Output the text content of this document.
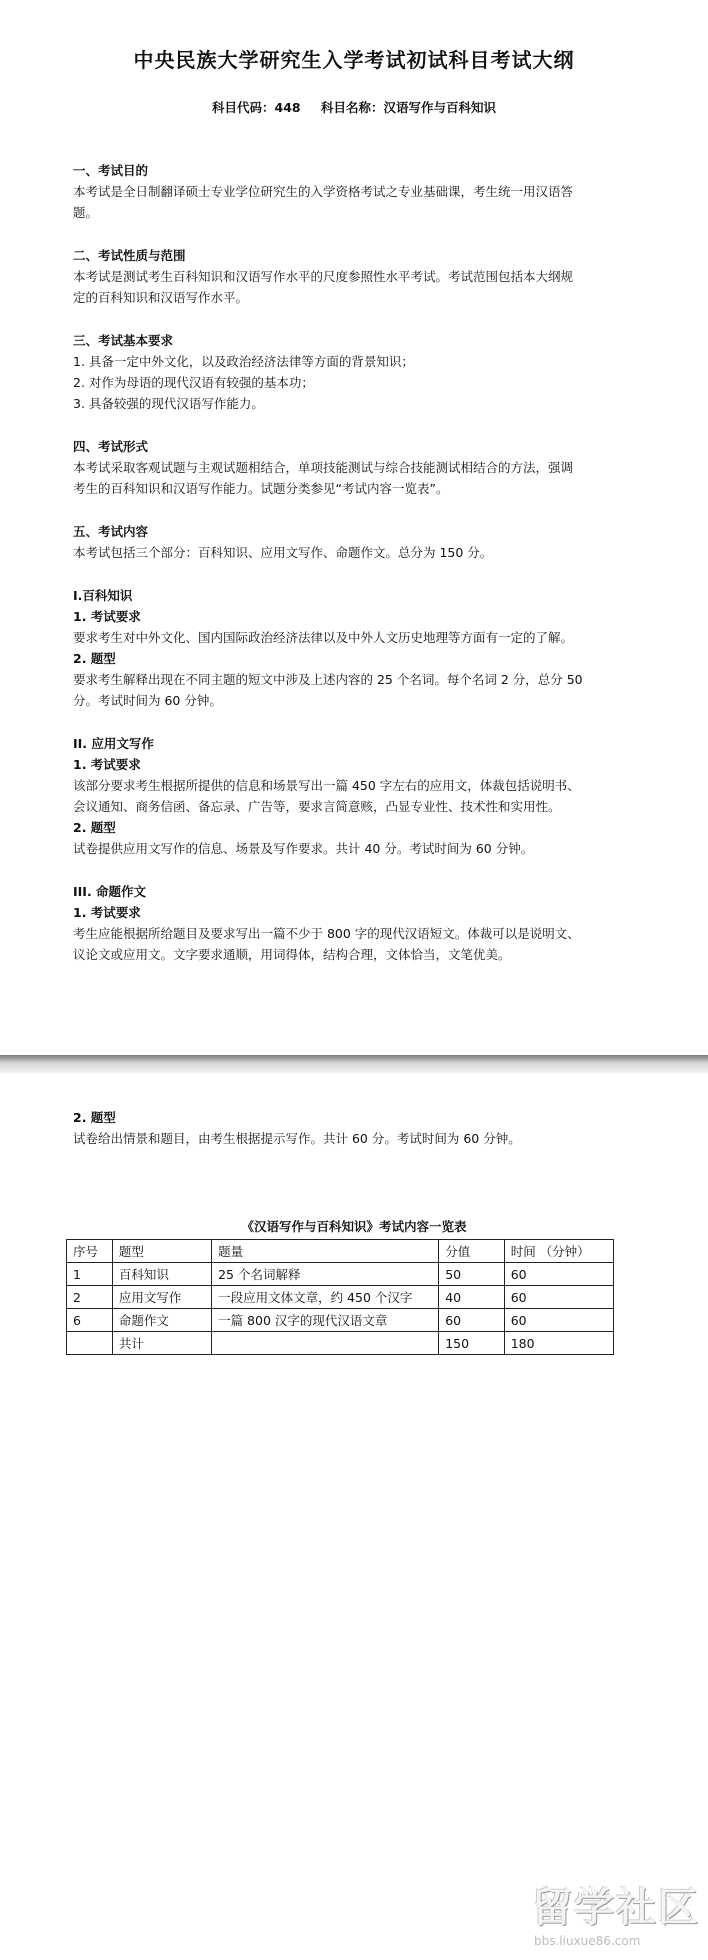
中央民族大学研究生入学考试初试科目考试大纲
科目代码：448 科目名称：汉语写作与百科知识

一、考试目的

本考试是全日制翻译硕士专业学位研究生的入学资格考试之专业基础课，考生统一用汉语答

题。

二、考试性质与范围

本考试是测试考生百科知识和汉语写作水平的尺度参照性水平考试。考试范围包括本大纲规

定的百科知识和汉语写作水平。

三、考试基本要求

1. 具备一定中外文化，以及政治经济法律等方面的背景知识；

2. 对作为母语的现代汉语有较强的基本功；

3. 具备较强的现代汉语写作能力。

四、考试形式

本考试采取客观试题与主观试题相结合，单项技能测试与综合技能测试相结合的方法，强调

考生的百科知识和汉语写作能力。试题分类参见“考试内容一览表”。

五、考试内容

本考试包括三个部分：百科知识、应用文写作、命题作文。总分为 150 分。

I.百科知识

1. 考试要求

要求考生对中外文化、国内国际政治经济法律以及中外人文历史地理等方面有一定的了解。

2. 题型

要求考生解释出现在不同主题的短文中涉及上述内容的 25 个名词。每个名词 2 分，总分 50

分。考试时间为 60 分钟。

II. 应用文写作

1. 考试要求

该部分要求考生根据所提供的信息和场景写出一篇 450 字左右的应用文，体裁包括说明书、

会议通知、商务信函、备忘录、广告等，要求言简意赅，凸显专业性、技术性和实用性。

2. 题型

试卷提供应用文写作的信息、场景及写作要求。共计 40 分。考试时间为 60 分钟。

III. 命题作文

1. 考试要求

考生应能根据所给题目及要求写出一篇不少于 800 字的现代汉语短文。体裁可以是说明文、

议论文或应用文。文字要求通顺，用词得体，结构合理，文体恰当，文笔优美。

2. 题型

试卷给出情景和题目，由考生根据提示写作。共计 60 分。考试时间为 60 分钟。

《汉语写作与百科知识》考试内容一览表
序号	题型	题量	分值	时间 （分钟）
1	百科知识	25 个名词解释	50	60
2	应用文写作	一段应用文体文章，约 450 个汉字	40	60
6	命题作文	一篇 800 汉字的现代汉语文章	60	60
	共计		150	180
留学社区
bbs.liuxue86.com
